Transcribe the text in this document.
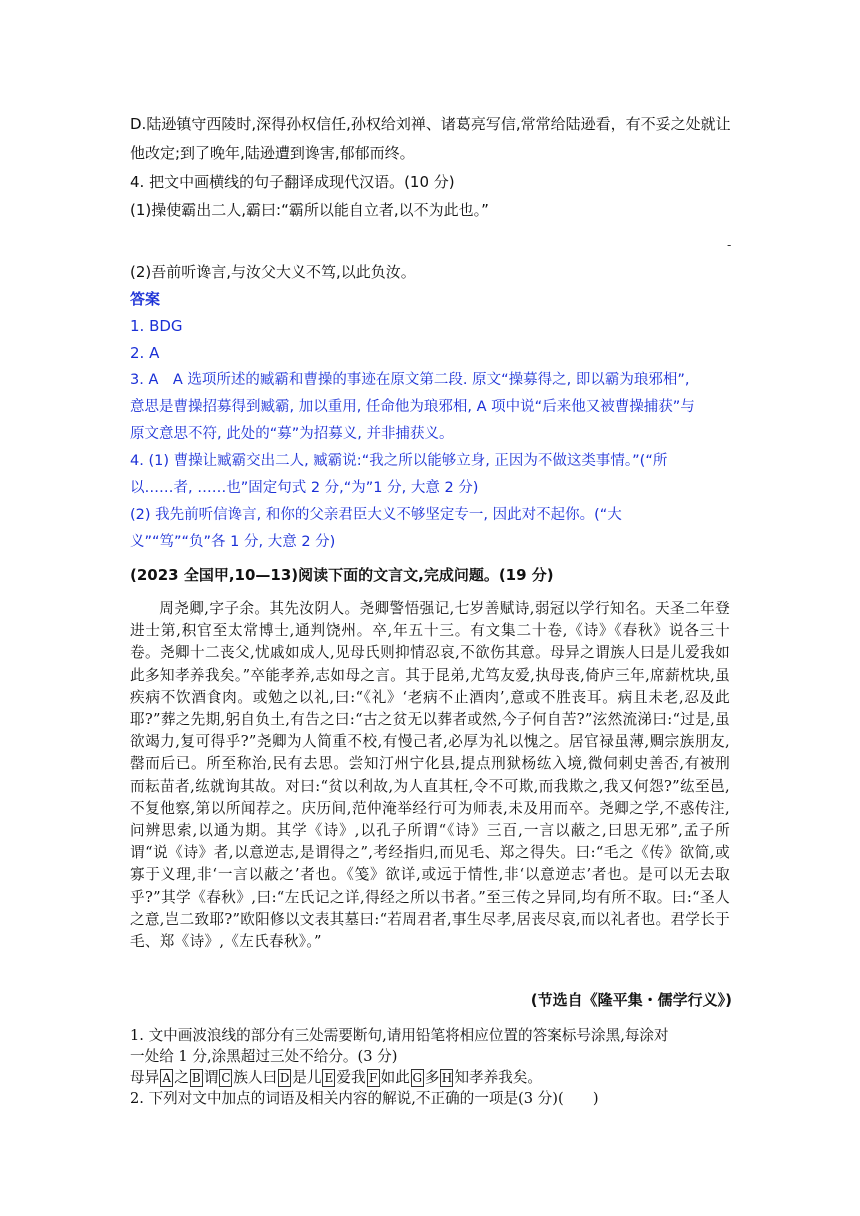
D.陆逊镇守西陵时,深得孙权信任,孙权给刘禅、诸葛亮写信,常常给陆逊看，有不妥之处就让
他改定;到了晚年,陆逊遭到谗害,郁郁而终。
4. 把文中画横线的句子翻译成现代汉语。(10 分)
(1)操使霸出二人,霸曰:“霸所以能自立者,以不为此也。”
-
(2)吾前听谗言,与汝父大义不笃,以此负汝。
答案
1. BDG
2. A
3. A　A 选项所述的臧霸和曹操的事迹在原文第二段. 原文“操募得之, 即以霸为琅邪相”,
意思是曹操招募得到臧霸, 加以重用, 任命他为琅邪相, A 项中说“后来他又被曹操捕获”与
原文意思不符, 此处的“募”为招募义, 并非捕获义。
4. (1) 曹操让臧霸交出二人, 臧霸说:“我之所以能够立身, 正因为不做这类事情。”(“所
以……者, ……也”固定句式 2 分,“为”1 分, 大意 2 分)
(2) 我先前听信谗言, 和你的父亲君臣大义不够坚定专一, 因此对不起你。(“大
义”“笃”“负”各 1 分, 大意 2 分)
(2023 全国甲,10—13)阅读下面的文言文,完成问题。(19 分)
周尧卿,字子余。其先汝阴人。尧卿警悟强记,七岁善赋诗,弱冠以学行知名。天圣二年登进士第,积官至太常博士,通判饶州。卒,年五十三。有文集二十卷,《诗》《春秋》说各三十卷。尧卿十二丧父,忧戚如成人,见母氏则抑情忍哀,不欲伤其意。母异之谓族人曰是儿爱我如此多知孝养我矣。”卒能孝养,志如母之言。其于昆弟,尤笃友爱,执母丧,倚庐三年,席薪枕块,虽疾病不饮酒食肉。或勉之以礼,曰:“《礼》‘老病不止酒肉’,意或不胜丧耳。病且未老,忍及此耶?”葬之先期,躬自负土,有告之曰:“古之贫无以葬者或然,今子何自苦?”泫然流涕曰:“过是,虽欲竭力,复可得乎?”尧卿为人简重不校,有慢己者,必厚为礼以愧之。居官禄虽薄,赒宗族朋友,罄而后已。所至称治,民有去思。尝知汀州宁化县,提点刑狱杨纮入境,微伺刺史善否,有被刑而耘苗者,纮就询其故。对曰:“贫以利故,为人直其枉,令不可欺,而我欺之,我又何怨?”纮至邑,不复他察,第以所闻荐之。庆历间,范仲淹举经行可为师表,未及用而卒。尧卿之学,不惑传注,问辨思索,以通为期。其学《诗》,以孔子所谓“《诗》三百,一言以蔽之,曰思无邪”,孟子所谓“说《诗》者,以意逆志,是谓得之”,考经指归,而见毛、郑之得失。曰:“毛之《传》欲简,或寡于义理,非‘一言以蔽之’者也。《笺》欲详,或远于情性,非‘以意逆志’者也。是可以无去取乎?”其学《春秋》,曰:“左氏记之详,得经之所以书者。”至三传之异同,均有所不取。曰:“圣人之意,岂二致耶?”欧阳修以文表其墓曰:“若周君者,事生尽孝,居丧尽哀,而以礼者也。君学长于毛、郑《诗》,《左氏春秋》。”
(节选自《隆平集・儒学行义》)
1. 文中画波浪线的部分有三处需要断句,请用铅笔将相应位置的答案标号涂黑,每涂对
一处给 1 分,涂黑超过三处不给分。(3 分)
母异 A 之 B 谓 C 族人曰 D 是儿 E 爱我 F 如此 G 多 H 知孝养我矣。
2. 下列对文中加点的词语及相关内容的解说,不正确的一项是(3 分)(　　)
